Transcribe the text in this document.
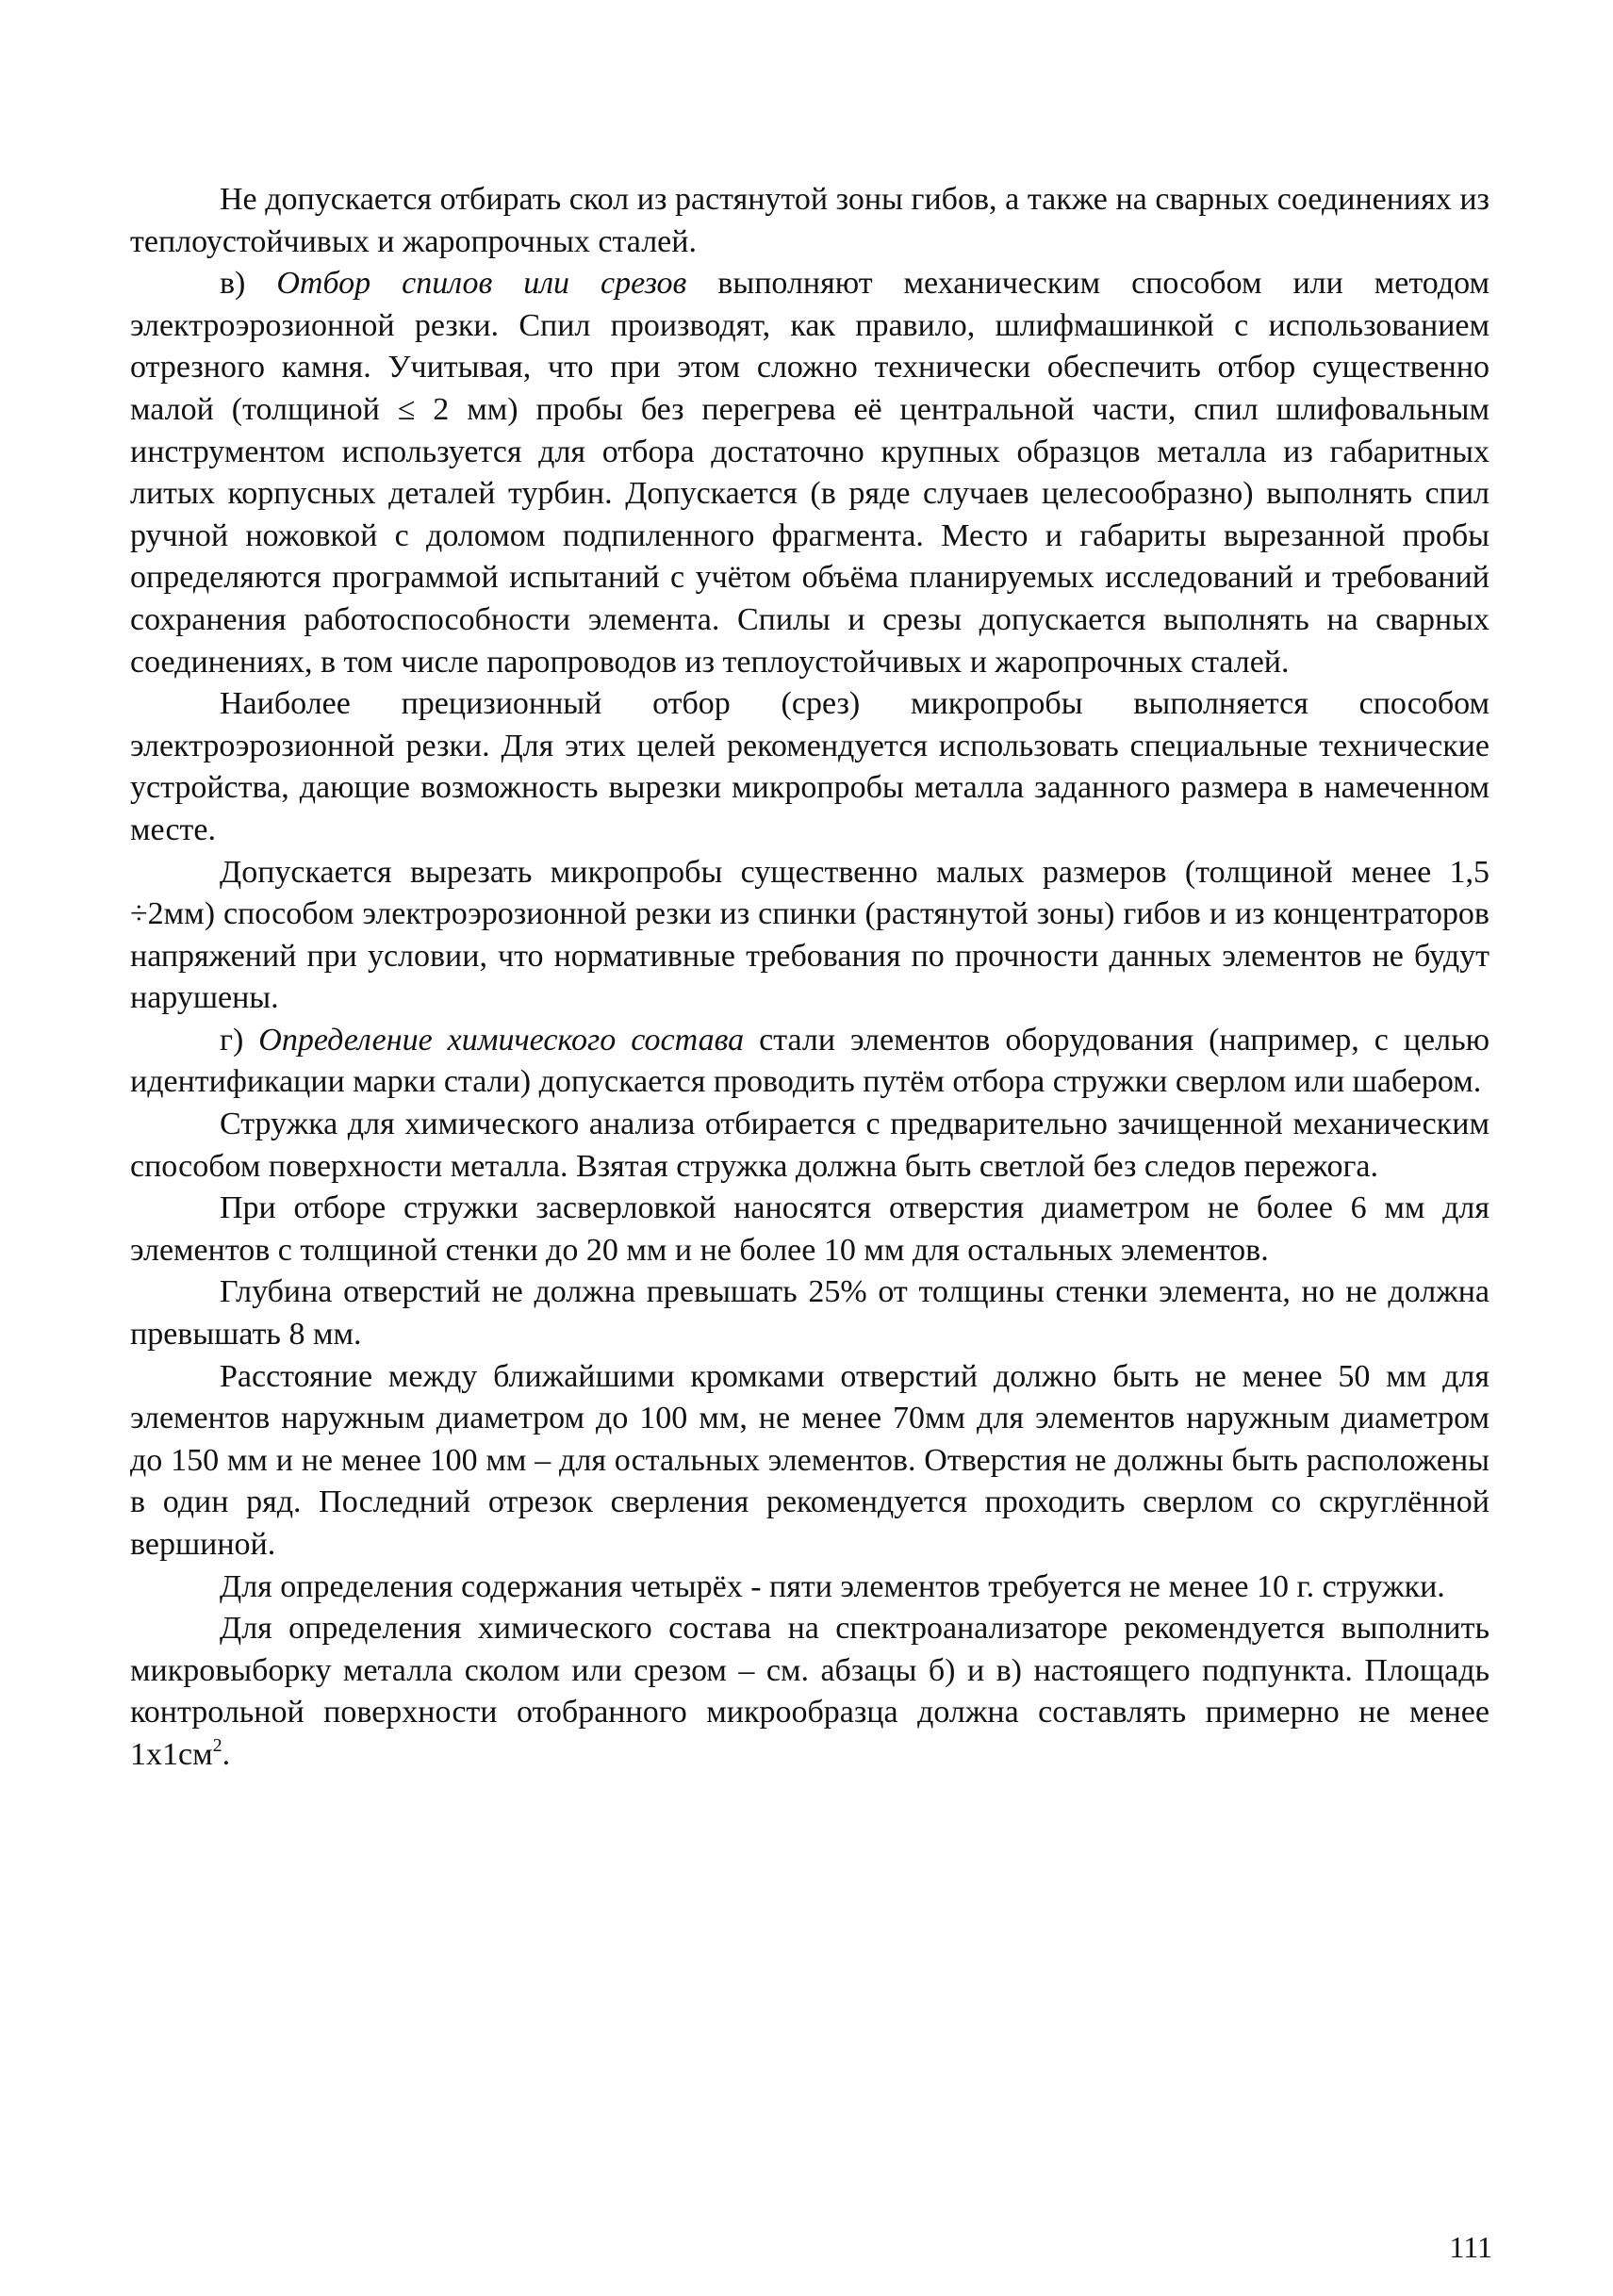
Не допускается отбирать скол из растянутой зоны гибов, а также на сварных соединениях из теплоустойчивых и жаропрочных сталей.

в) Отбор спилов или срезов выполняют механическим способом или методом электроэрозионной резки. Спил производят, как правило, шлифмашинкой с использованием отрезного камня. Учитывая, что при этом сложно технически обеспечить отбор существенно малой (толщиной ≤ 2 мм) пробы без перегрева её центральной части, спил шлифовальным инструментом используется для отбора достаточно крупных образцов металла из габаритных литых корпусных деталей турбин. Допускается (в ряде случаев целесообразно) выполнять спил ручной ножовкой с доломом подпиленного фрагмента. Место и габариты вырезанной пробы определяются программой испытаний с учётом объёма планируемых исследований и требований сохранения работоспособности элемента. Спилы и срезы допускается выполнять на сварных соединениях, в том числе паропроводов из теплоустойчивых и жаропрочных сталей.

Наиболее прецизионный отбор (срез) микропробы выполняется способом электроэрозионной резки. Для этих целей рекомендуется использовать специальные технические устройства, дающие возможность вырезки микропробы металла заданного размера в намеченном месте.

Допускается вырезать микропробы существенно малых размеров (толщиной менее 1,5 ÷2мм) способом электроэрозионной резки из спинки (растянутой зоны) гибов и из концентраторов напряжений при условии, что нормативные требования по прочности данных элементов не будут нарушены.

г) Определение химического состава стали элементов оборудования (например, с целью идентификации марки стали) допускается проводить путём отбора стружки сверлом или шабером.

Стружка для химического анализа отбирается с предварительно зачищенной механическим способом поверхности металла. Взятая стружка должна быть светлой без следов пережога.

При отборе стружки засверловкой наносятся отверстия диаметром не более 6 мм для элементов с толщиной стенки до 20 мм и не более 10 мм для остальных элементов.

Глубина отверстий не должна превышать 25% от толщины стенки элемента, но не должна превышать 8 мм.

Расстояние между ближайшими кромками отверстий должно быть не менее 50 мм для элементов наружным диаметром до 100 мм, не менее 70мм для элементов наружным диаметром до 150 мм и не менее 100 мм – для остальных элементов. Отверстия не должны быть расположены в один ряд. Последний отрезок сверления рекомендуется проходить сверлом со скруглённой вершиной.

Для определения содержания четырёх - пяти элементов требуется не менее 10 г. стружки.

Для определения химического состава на спектроанализаторе рекомендуется выполнить микровыборку металла сколом или срезом – см. абзацы б) и в) настоящего подпункта. Площадь контрольной поверхности отобранного микрообразца должна составлять примерно не менее $1х1см^2$.

111
